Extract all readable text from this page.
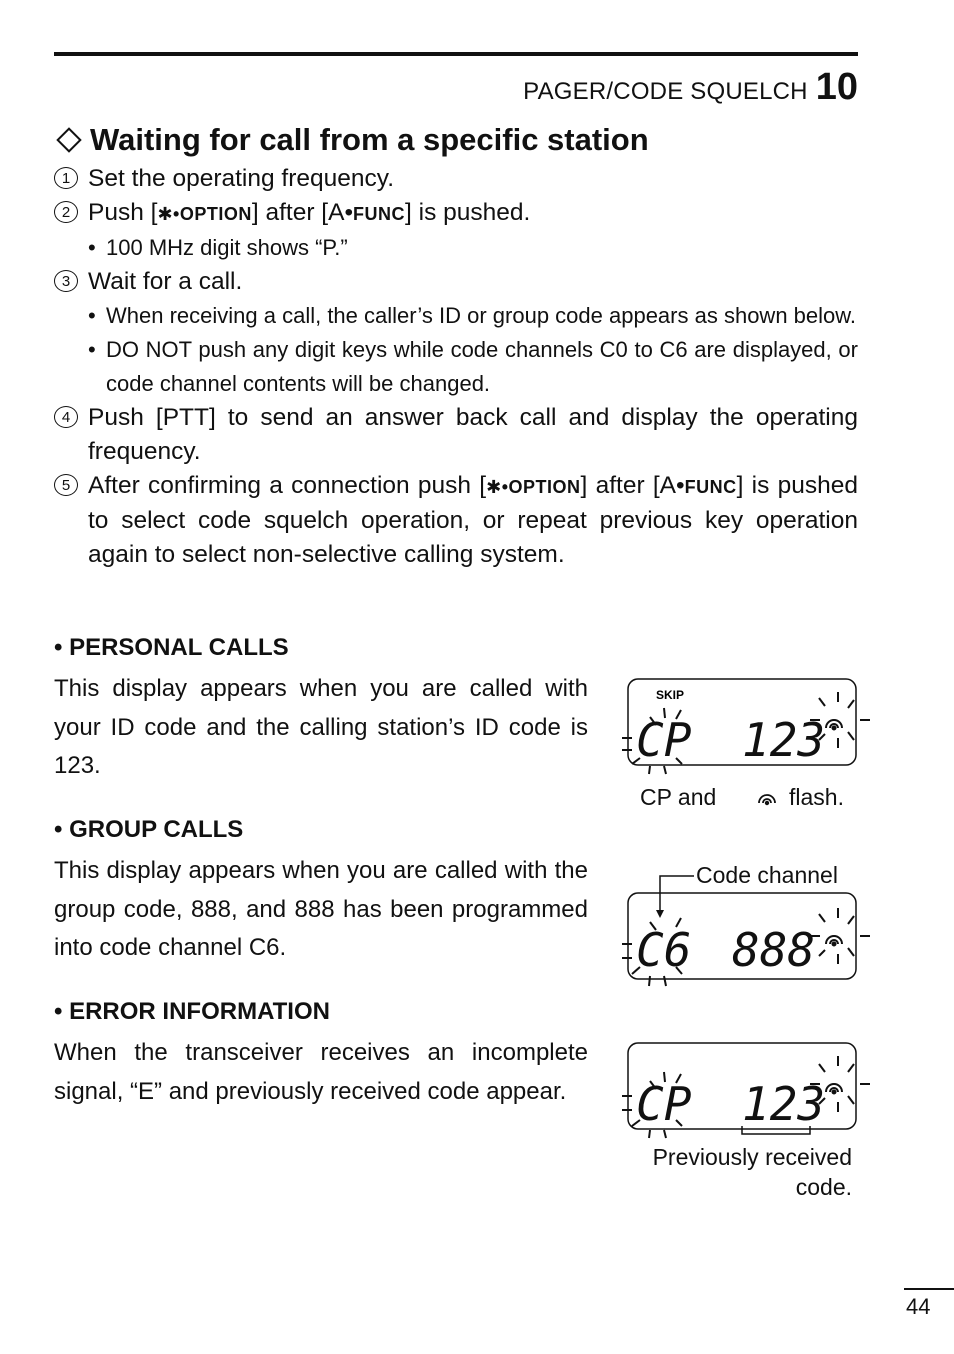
PAGER/CODE SQUELCH 10
Waiting for call from a specific station
1 Set the operating frequency.
2 Push [✱•OPTION] after [A•FUNC] is pushed.
• 100 MHz digit shows “P.”
3 Wait for a call.
• When receiving a call, the caller’s ID or group code appears as shown below.
• DO NOT push any digit keys while code channels C0 to C6 are displayed, or code channel contents will be changed.
4 Push [PTT] to send an answer back call and display the operating frequency.
5 After confirming a connection push [✱•OPTION] after [A•FUNC] is pushed to select code squelch operation, or repeat previous key operation again to select non-selective calling system.
• PERSONAL CALLS
This display appears when you are called with your ID code and the calling station’s ID code is 123.
SKIP
CP 123
CP and	flash.
• GROUP CALLS
This display appears when you are called with the group code, 888, and 888 has been programmed into code channel C6.
Code channel
C6 888
• ERROR INFORMATION
When the transceiver receives an incomplete signal, “E” and previously received code appear.	CP 123
Previously received
code.
44
